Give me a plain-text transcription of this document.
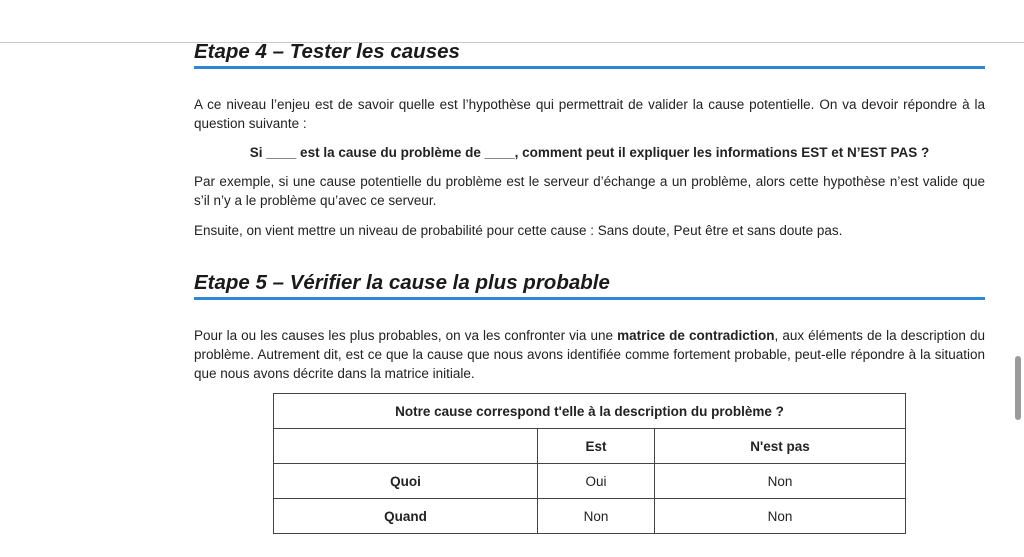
Etape 4 – Tester les causes

A ce niveau l’enjeu est de savoir quelle est l’hypothèse qui permettrait de valider la cause potentielle. On va devoir répondre à la question suivante :

Si ____ est la cause du problème de ____, comment peut il expliquer les informations EST et N’EST PAS ?

Par exemple, si une cause potentielle du problème est le serveur d’échange a un problème, alors cette hypothèse n’est valide que s’il n’y a le problème qu’avec ce serveur.

Ensuite, on vient mettre un niveau de probabilité pour cette cause : Sans doute, Peut être et sans doute pas.

Etape 5 – Vérifier la cause la plus probable

Pour la ou les causes les plus probables, on va les confronter via une matrice de contradiction, aux éléments de la description du problème. Autrement dit, est ce que la cause que nous avons identifiée comme fortement probable, peut-elle répondre à la situation que nous avons décrite dans la matrice initiale.

Notre cause correspond t'elle à la description du problème ?		
	Est	N'est pas
Quoi	Oui	Non
Quand	Non	Non
